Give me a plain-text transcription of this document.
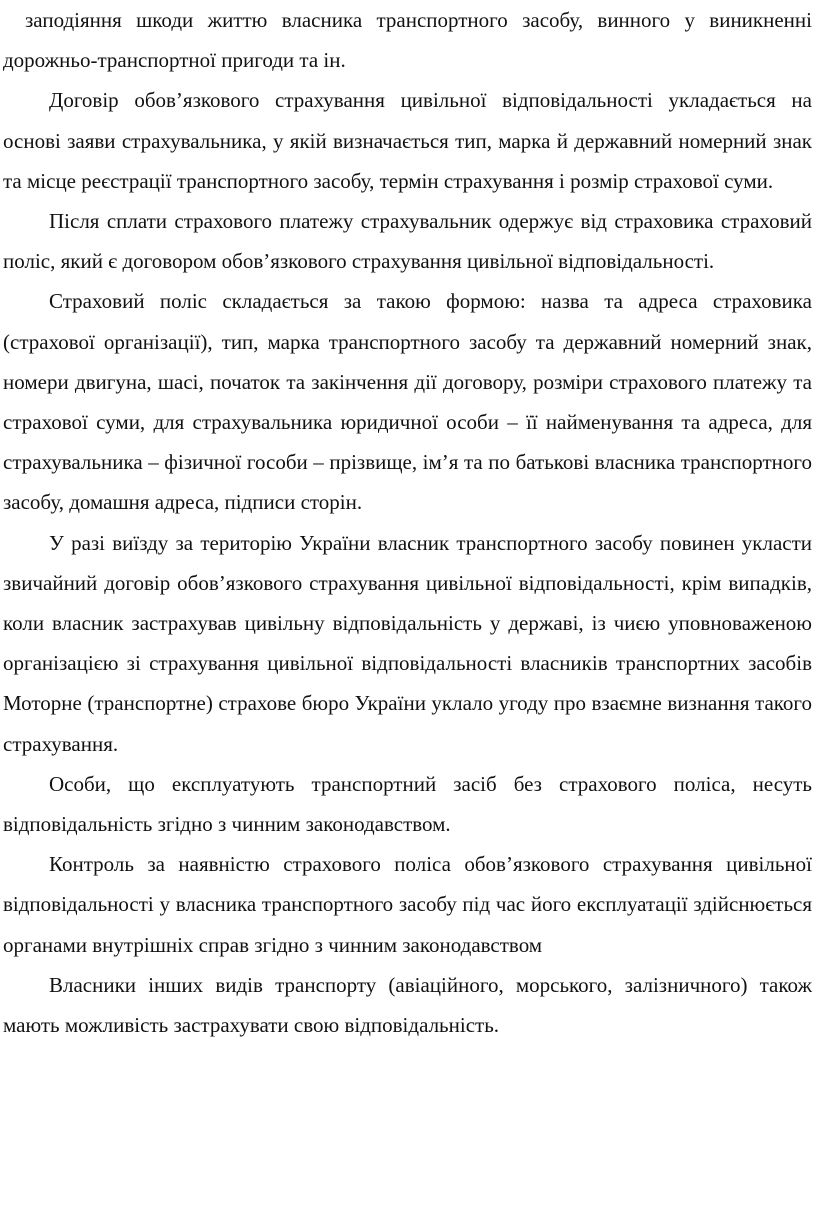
заподіяння шкоди життю власника транспортного засобу, винного у виникненні дорожньо-транспортної пригоди та ін.

Договір обов’язкового страхування цивільної відповідальності укладається на основі заяви страхувальника, у якій визначається тип, марка й державний номерний знак та місце реєстрації транспортного засобу, термін страхування і розмір страхової суми.

Після сплати страхового платежу страхувальник одержує від страховика страховий поліс, який є договором обов’язкового страхування цивільної відповідальності.

Страховий поліс складається за такою формою: назва та адреса страховика (страхової організації), тип, марка транспортного засобу та державний номерний знак, номери двигуна, шасі, початок та закінчення дії договору, розміри страхового платежу та страхової суми, для страхувальника юридичної особи – її найменування та адреса, для страхувальника – фізичної гособи – прізвище, ім’я та по батькові власника транспортного засобу, домашня адреса, підписи сторін.

У разі виїзду за територію України власник транспортного засобу повинен укласти звичайний договір обов’язкового страхування цивільної відповідальності, крім випадків, коли власник застрахував цивільну відповідальність у державі, із чиєю уповноваженою організацією зі страхування цивільної відповідальності власників транспортних засобів Моторне (транспортне) страхове бюро України уклало угоду про взаємне визнання такого страхування.

Особи, що експлуатують транспортний засіб без страхового поліса, несуть відповідальність згідно з чинним законодавством.

Контроль за наявністю страхового поліса обов’язкового страхування цивільної відповідальності у власника транспортного засобу під час його експлуатації здійснюється органами внутрішніх справ згідно з чинним законодавством

Власники інших видів транспорту (авіаційного, морського, залізничного) також мають можливість застрахувати свою відповідальність.
